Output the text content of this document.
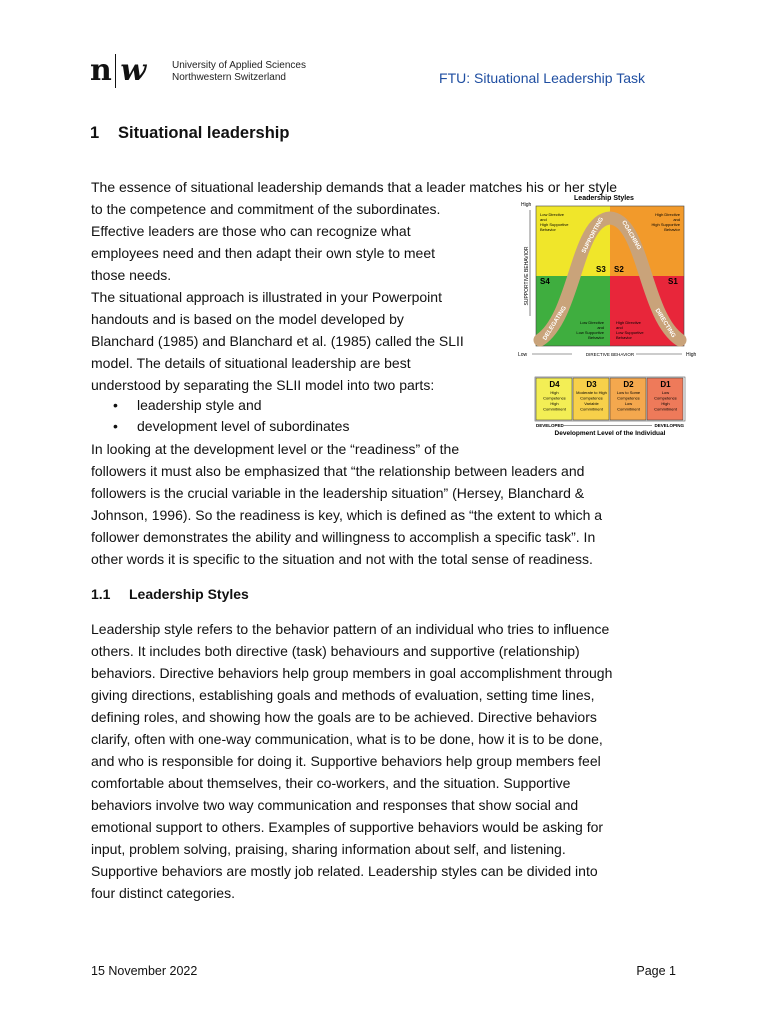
n w	University of Applied Sciences
Northwestern Switzerland	FTU: Situational Leadership Task
1 Situational leadership
The essence of situational leadership demands that a leader matches his or her style
to the competence and commitment of the subordinates.
Effective leaders are those who can recognize what
employees need and then adapt their own style to meet
those needs.
The situational approach is illustrated in your Powerpoint
handouts and is based on the model developed by
Blanchard (1985) and Blanchard et al. (1985) called the SLII
model. The details of situational leadership are best
understood by separating the SLII model into two parts:
• leadership style and
• development level of subordinates
In looking at the development level or the “readiness” of the
followers it must also be emphasized that “the relationship between leaders and
followers is the crucial variable in the leadership situation” (Hersey, Blanchard &
Johnson, 1996). So the readiness is key, which is defined as “the extent to which a
follower demonstrates the ability and willingness to accomplish a specific task”. In
other words it is specific to the situation and not with the total sense of readiness.
1.1 Leadership Styles
Leadership style refers to the behavior pattern of an individual who tries to influence
others. It includes both directive (task) behaviours and supportive (relationship)
behaviors. Directive behaviors help group members in goal accomplishment through
giving directions, establishing goals and methods of evaluation, setting time lines,
defining roles, and showing how the goals are to be achieved. Directive behaviors
clarify, often with one-way communication, what is to be done, how it is to be done,
and who is responsible for doing it. Supportive behaviors help group members feel
comfortable about themselves, their co-workers, and the situation. Supportive
behaviors involve two way communication and responses that show social and
emotional support to others. Examples of supportive behaviors would be asking for
input, problem solving, praising, sharing information about self, and listening.
Supportive behaviors are mostly job related. Leadership styles can be divided into
four distinct categories.
Leadership Styles
High
SUPPORTIVE BEHAVIOR
Low Directive
and
High Supportive
Behavior
High Directive
and
High Supportive
Behavior
Low Directive
and
Low Supportive
Behavior
High Directive
and
Low Supportive
Behavior
S4
S3 S2
S1
SUPPORTING	COACHING
DELEGATING	DIRECTING
Low	DIRECTIVE BEHAVIOR	High
D4
High
Competence
High
Commitment
D3
Moderate to High
Competence
Variable
Commitment
D2
Low to Some
Competence
Low
Commitment
D1
Low
Competence
High
Commitment
DEVELOPED	DEVELOPING
Development Level of the Individual
15 November 2022	Page 1
